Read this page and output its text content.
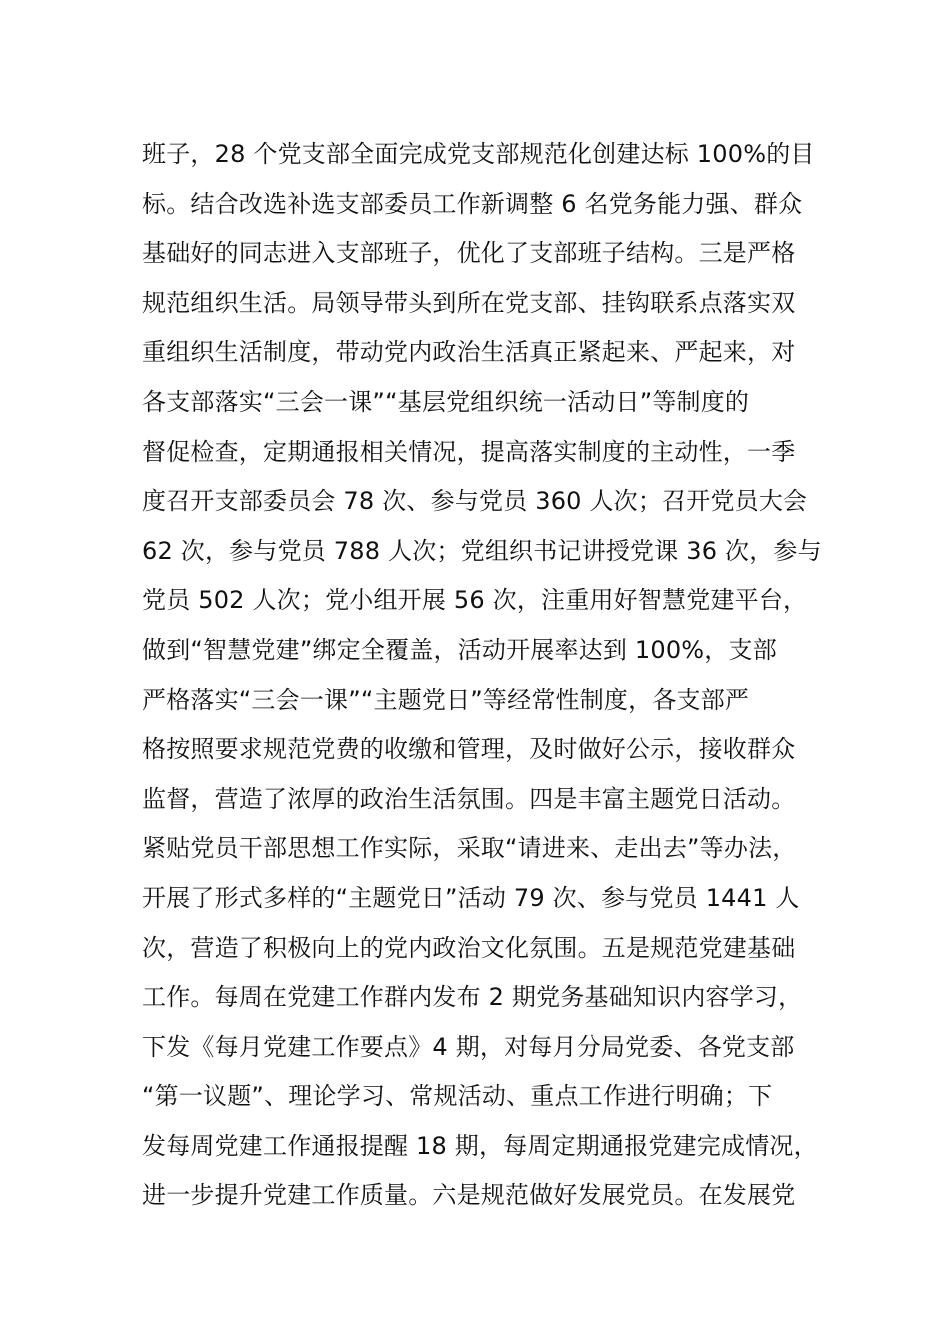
班子，28 个党支部全面完成党支部规范化创建达标 100%的目
标。结合改选补选支部委员工作新调整 6 名党务能力强、群众
基础好的同志进入支部班子，优化了支部班子结构。三是严格
规范组织生活。局领导带头到所在党支部、挂钩联系点落实双
重组织生活制度，带动党内政治生活真正紧起来、严起来，对
各支部落实“三会一课”“基层党组织统一活动日”等制度的
督促检查，定期通报相关情况，提高落实制度的主动性，一季
度召开支部委员会 78 次、参与党员 360 人次；召开党员大会
62 次，参与党员 788 人次；党组织书记讲授党课 36 次，参与
党员 502 人次；党小组开展 56 次，注重用好智慧党建平台，
做到“智慧党建”绑定全覆盖，活动开展率达到 100%，支部
严格落实“三会一课”“主题党日”等经常性制度，各支部严
格按照要求规范党费的收缴和管理，及时做好公示，接收群众
监督，营造了浓厚的政治生活氛围。四是丰富主题党日活动。
紧贴党员干部思想工作实际，采取“请进来、走出去”等办法，
开展了形式多样的“主题党日”活动 79 次、参与党员 1441 人
次，营造了积极向上的党内政治文化氛围。五是规范党建基础
工作。每周在党建工作群内发布 2 期党务基础知识内容学习，
下发《每月党建工作要点》4 期，对每月分局党委、各党支部
“第一议题”、理论学习、常规活动、重点工作进行明确；下
发每周党建工作通报提醒 18 期，每周定期通报党建完成情况，
进一步提升党建工作质量。六是规范做好发展党员。在发展党
